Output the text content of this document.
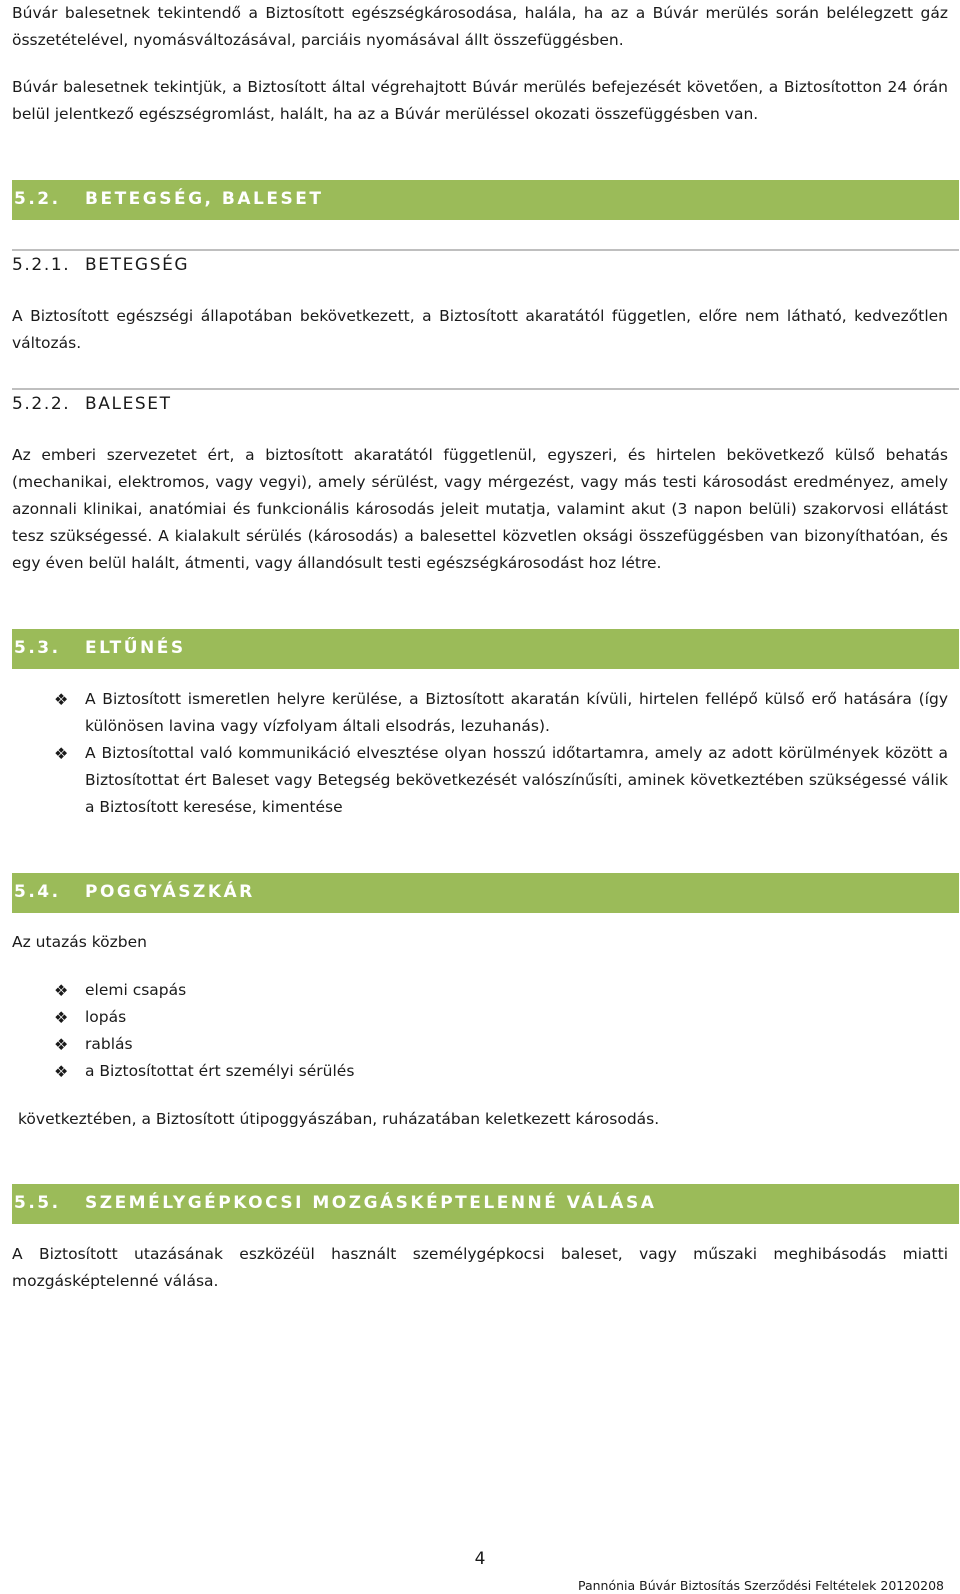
Búvár balesetnek tekintendő a Biztosított egészségkárosodása, halála, ha az a Búvár merülés során belélegzett gáz összetételével, nyomásváltozásával, parciáis nyomásával állt összefüggésben.

Búvár balesetnek tekintjük, a Biztosított által végrehajtott Búvár merülés befejezését követően, a Biztosítotton 24 órán belül jelentkező egészségromlást, halált, ha az a Búvár merüléssel okozati összefüggésben van.

5.2. BETEGSÉG, BALESET
5.2.1. BETEGSÉG

A Biztosított egészségi állapotában bekövetkezett, a Biztosított akaratától független, előre nem látható, kedvezőtlen változás.

5.2.2. BALESET

Az emberi szervezetet ért, a biztosított akaratától függetlenül, egyszeri, és hirtelen bekövetkező külső behatás (mechanikai, elektromos, vagy vegyi), amely sérülést, vagy mérgezést, vagy más testi károsodást eredményez, amely azonnali klinikai, anatómiai és funkcionális károsodás jeleit mutatja, valamint akut (3 napon belüli) szakorvosi ellátást tesz szükségessé. A kialakult sérülés (károsodás) a balesettel közvetlen oksági összefüggésben van bizonyíthatóan, és egy éven belül halált, átmenti, vagy állandósult testi egészségkárosodást hoz létre.

5.3. ELTŰNÉS
❖ A Biztosított ismeretlen helyre kerülése, a Biztosított akaratán kívüli, hirtelen fellépő külső erő hatására (így különösen lavina vagy vízfolyam általi elsodrás, lezuhanás).
❖ A Biztosítottal való kommunikáció elvesztése olyan hosszú időtartamra, amely az adott körülmények között a Biztosítottat ért Baleset vagy Betegség bekövetkezését valószínűsíti, aminek következtében szükségessé válik a Biztosított keresése, kimentése
5.4. POGGYÁSZKÁR

Az utazás közben

❖ elemi csapás
❖ lopás
❖ rablás
❖ a Biztosítottat ért személyi sérülés

következtében, a Biztosított útipoggyászában, ruházatában keletkezett károsodás.

5.5. SZEMÉLYGÉPKOCSI MOZGÁSKÉPTELENNÉ VÁLÁSA

A Biztosított utazásának eszközéül használt személygépkocsi baleset, vagy műszaki meghibásodás miatti mozgásképtelenné válása.

4
Pannónia Búvár Biztosítás Szerződési Feltételek 20120208
